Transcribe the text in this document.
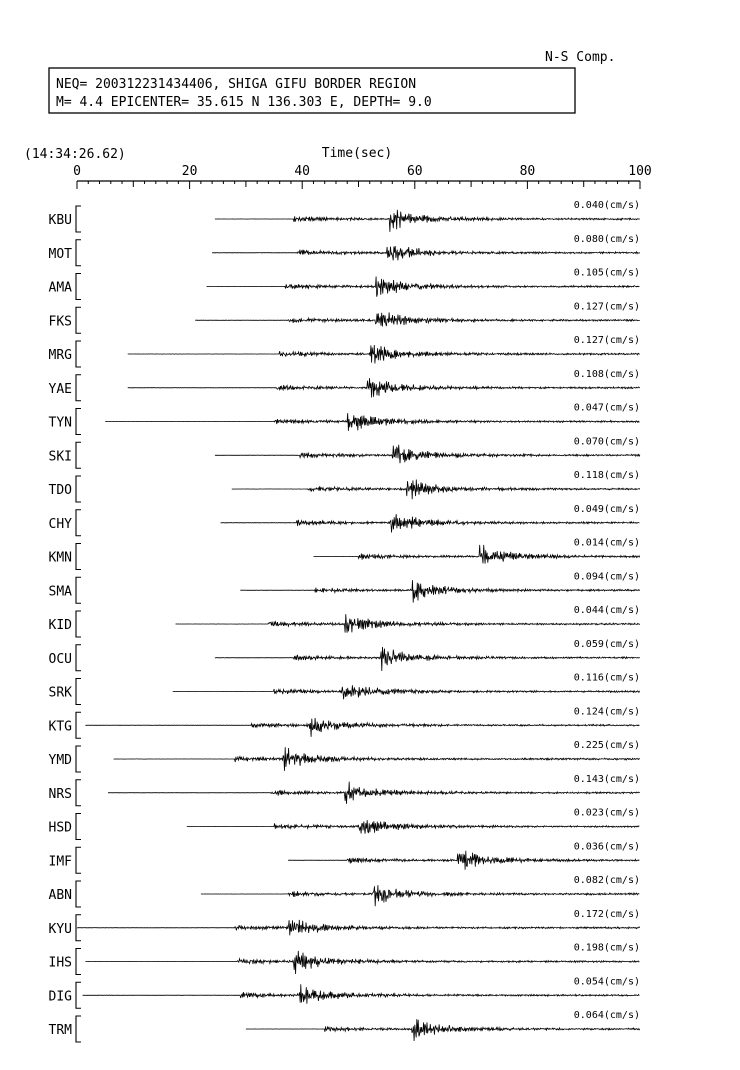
N-S Comp.
NEQ= 200312231434406, SHIGA GIFU BORDER REGION
M= 4.4 EPICENTER= 35.615 N 136.303 E, DEPTH= 9.0
(14:34:26.62)	Time(sec)
0	20	40	60	80	100
KBU
0.040(cm/s)
MOT
0.080(cm/s)
AMA
0.105(cm/s)
FKS
0.127(cm/s)
MRG
0.127(cm/s)
YAE
0.108(cm/s)
TYN
0.047(cm/s)
SKI
0.070(cm/s)
TDO
0.118(cm/s)
CHY
0.049(cm/s)
KMN
0.014(cm/s)
SMA
0.094(cm/s)
KID
0.044(cm/s)
OCU
0.059(cm/s)
SRK
0.116(cm/s)
KTG
0.124(cm/s)
YMD
0.225(cm/s)
NRS
0.143(cm/s)
HSD
0.023(cm/s)
IMF
0.036(cm/s)
ABN
0.082(cm/s)
KYU
0.172(cm/s)
IHS
0.198(cm/s)
DIG
0.054(cm/s)
TRM
0.064(cm/s)
